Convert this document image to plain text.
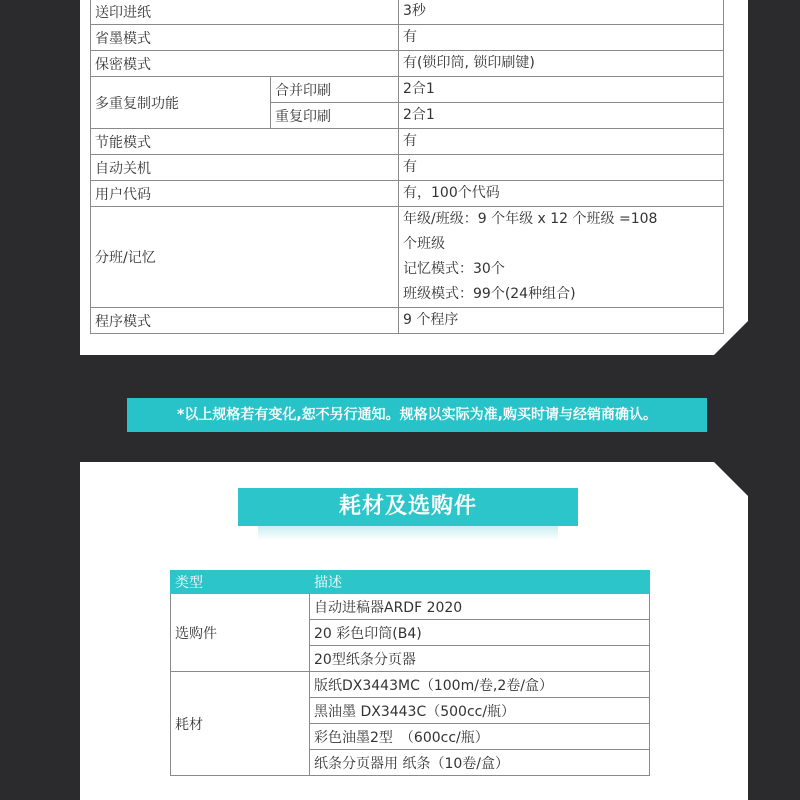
送印进纸		3秒
省墨模式		有
保密模式		有(锁印筒, 锁印刷键)
多重复制功能	合并印刷	2合1
	重复印刷	2合1
节能模式		有
自动关机		有
用户代码		有，100个代码
分班/记忆		年级/班级：9 个年级 x 12 个班级 =108
个班级
记忆模式：30个
班级模式：99个(24种组合)

程序模式		9 个程序
*以上规格若有变化,恕不另行通知。规格以实际为准,购买时请与经销商确认。
耗材及选购件
类型	描述
选购件	自动进稿器ARDF 2020
	20 彩色印筒(B4)
	20型纸条分页器
耗材	版纸DX3443MC（100m/卷,2卷/盒）
	黑油墨 DX3443C（500cc/瓶）
	彩色油墨2型　（600cc/瓶）
	纸条分页器用 纸条（10卷/盒）
